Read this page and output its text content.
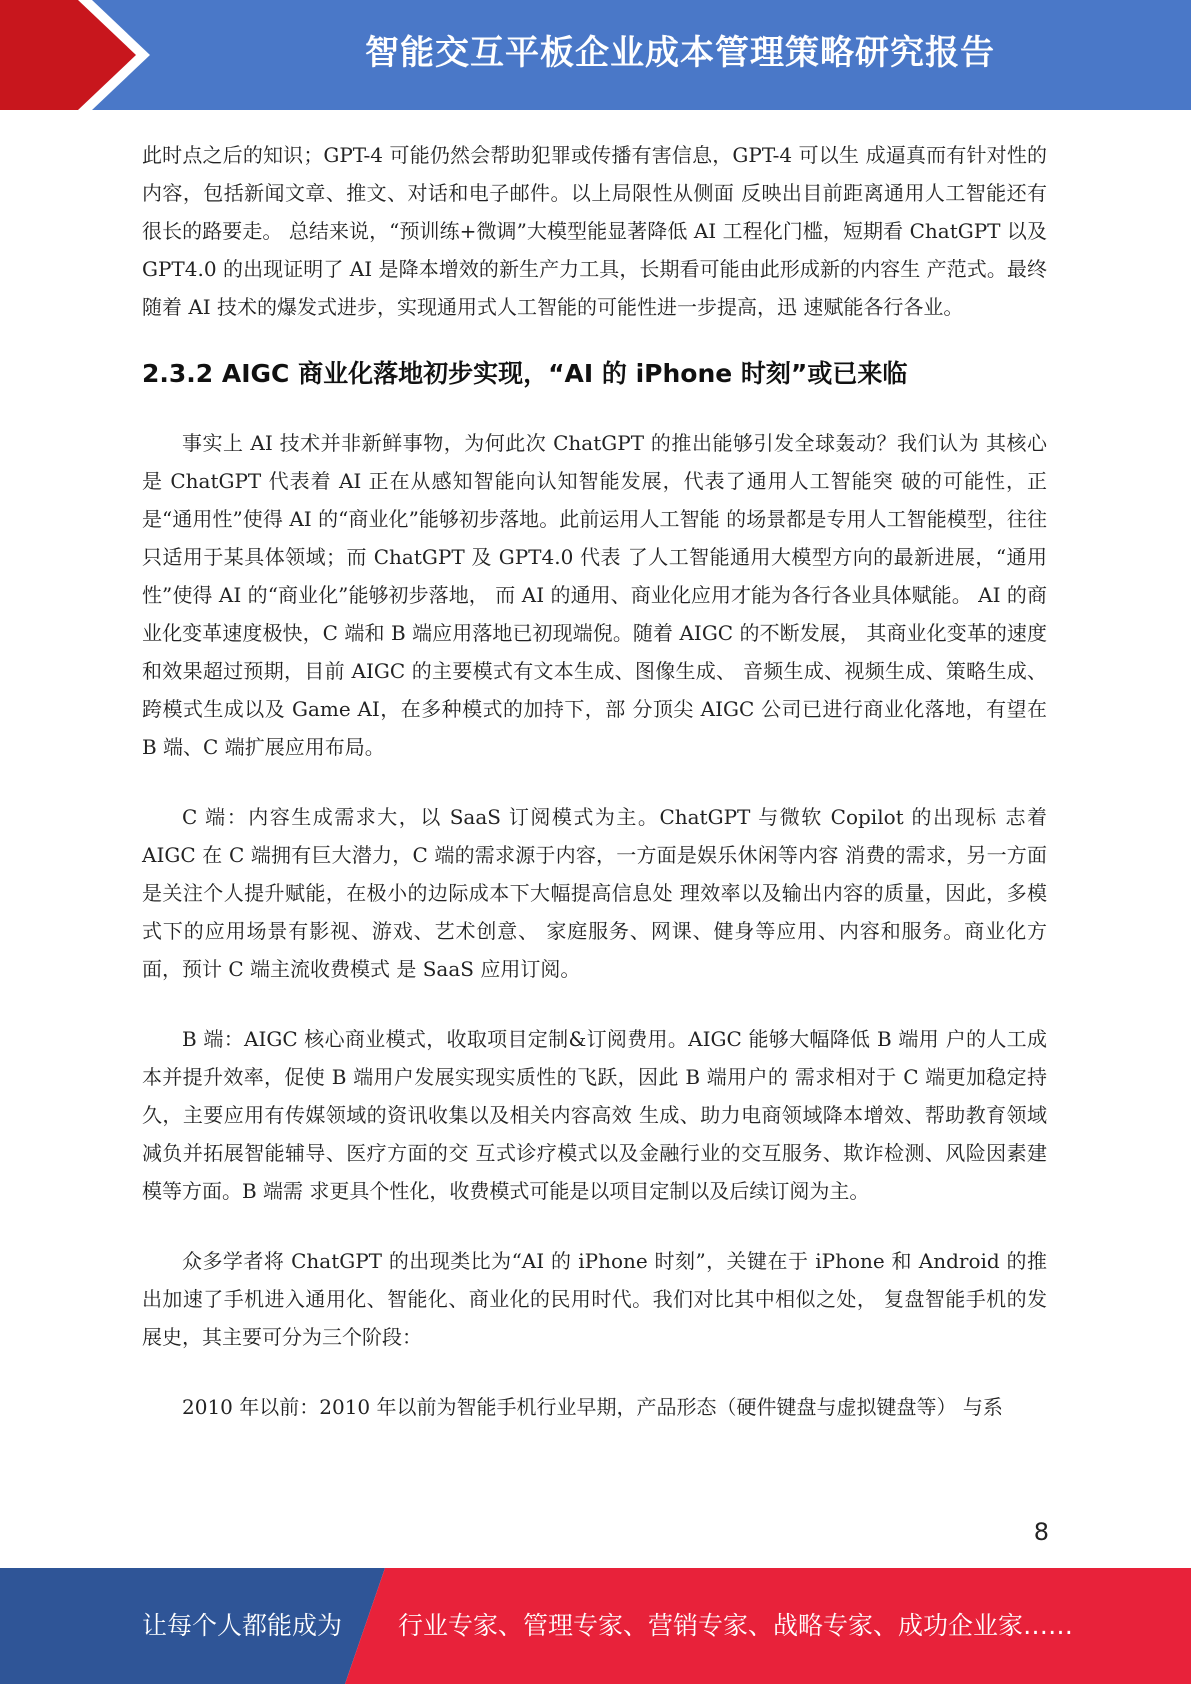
智能交互平板企业成本管理策略研究报告

此时点之后的知识；GPT-4 可能仍然会帮助犯罪或传播有害信息，GPT-4 可以生 成逼真而有针对性的内容，包括新闻文章、推文、对话和电子邮件。以上局限性从侧面 反映出目前距离通用人工智能还有很长的路要走。 总结来说，“预训练+微调”大模型能显著降低 AI 工程化门槛，短期看 ChatGPT 以及 GPT4.0 的出现证明了 AI 是降本增效的新生产力工具，长期看可能由此形成新的内容生 产范式。最终随着 AI 技术的爆发式进步，实现通用式人工智能的可能性进一步提高，迅 速赋能各行各业。

2.3.2 AIGC 商业化落地初步实现，“AI 的 iPhone 时刻”或已来临

事实上 AI 技术并非新鲜事物，为何此次 ChatGPT 的推出能够引发全球轰动？我们认为 其核心是 ChatGPT 代表着 AI 正在从感知智能向认知智能发展，代表了通用人工智能突 破的可能性，正是“通用性”使得 AI 的“商业化”能够初步落地。此前运用人工智能 的场景都是专用人工智能模型，往往只适用于某具体领域；而 ChatGPT 及 GPT4.0 代表 了人工智能通用大模型方向的最新进展，“通用性”使得 AI 的“商业化”能够初步落地， 而 AI 的通用、商业化应用才能为各行各业具体赋能。 AI 的商业化变革速度极快，C 端和 B 端应用落地已初现端倪。随着 AIGC 的不断发展， 其商业化变革的速度和效果超过预期，目前 AIGC 的主要模式有文本生成、图像生成、 音频生成、视频生成、策略生成、跨模式生成以及 Game AI，在多种模式的加持下，部 分顶尖 AIGC 公司已进行商业化落地，有望在 B 端、C 端扩展应用布局。

C 端：内容生成需求大，以 SaaS 订阅模式为主。ChatGPT 与微软 Copilot 的出现标 志着 AIGC 在 C 端拥有巨大潜力，C 端的需求源于内容，一方面是娱乐休闲等内容 消费的需求，另一方面是关注个人提升赋能，在极小的边际成本下大幅提高信息处 理效率以及输出内容的质量，因此，多模式下的应用场景有影视、游戏、艺术创意、 家庭服务、网课、健身等应用、内容和服务。商业化方面，预计 C 端主流收费模式 是 SaaS 应用订阅。

B 端：AIGC 核心商业模式，收取项目定制&订阅费用。AIGC 能够大幅降低 B 端用 户的人工成本并提升效率，促使 B 端用户发展实现实质性的飞跃，因此 B 端用户的 需求相对于 C 端更加稳定持久，主要应用有传媒领域的资讯收集以及相关内容高效 生成、助力电商领域降本增效、帮助教育领域减负并拓展智能辅导、医疗方面的交 互式诊疗模式以及金融行业的交互服务、欺诈检测、风险因素建模等方面。B 端需 求更具个性化，收费模式可能是以项目定制以及后续订阅为主。

众多学者将 ChatGPT 的出现类比为“AI 的 iPhone 时刻”，关键在于 iPhone 和 Android 的推出加速了手机进入通用化、智能化、商业化的民用时代。我们对比其中相似之处， 复盘智能手机的发展史，其主要可分为三个阶段：

2010 年以前：2010 年以前为智能手机行业早期，产品形态（硬件键盘与虚拟键盘等） 与系

8
让每个人都能成为 行业专家、管理专家、营销专家、战略专家、成功企业家……
